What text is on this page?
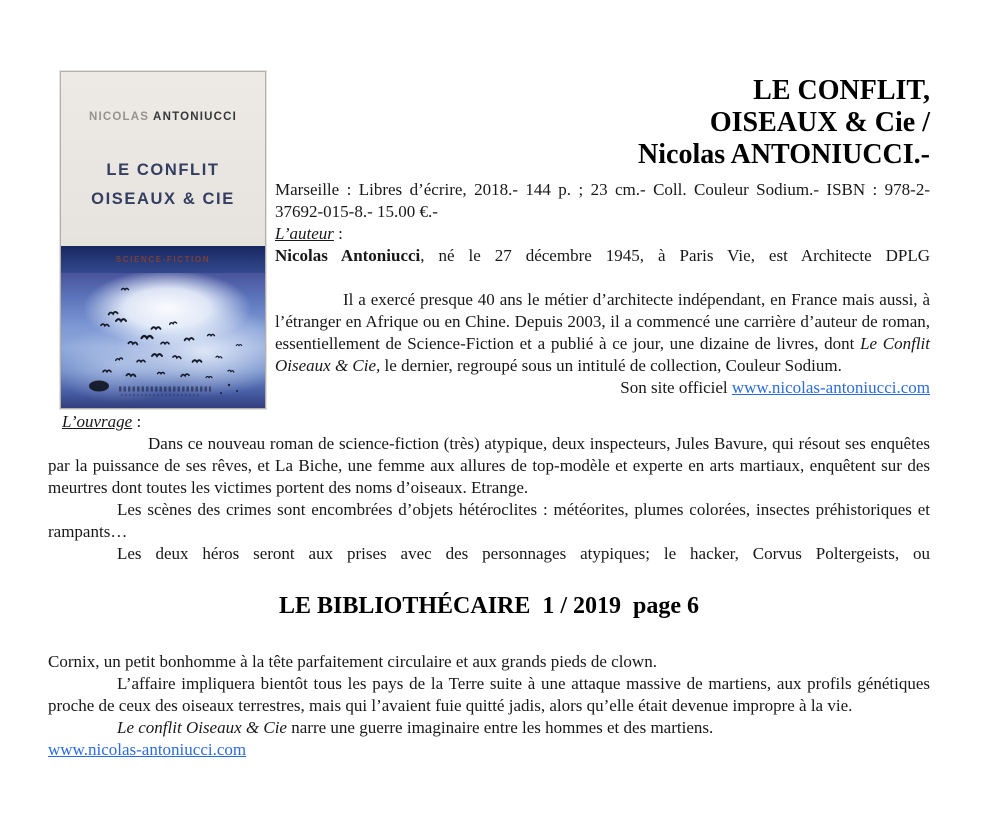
NICOLAS ANTONIUCCI
LE CONFLIT
OISEAUX & CIE
SCIENCE-FICTION
LE CONFLIT,
OISEAUX & Cie /
Nicolas ANTONIUCCI.-

Marseille : Libres d’écrire, 2018.- 144 p. ; 23 cm.- Coll. Couleur Sodium.- ISBN : 978-2-37692-015-8.- 15.00 €.-

L’auteur :

Nicolas Antoniucci, né le 27 décembre 1945, à Paris Vie, est Architecte DPLG

Il a exercé presque 40 ans le métier d’architecte indépendant, en France mais aussi, à l’étranger en Afrique ou en Chine. Depuis 2003, il a commencé une carrière d’auteur de roman, essentiellement de Science-Fiction et a publié à ce jour, une dizaine de livres, dont Le Conflit Oiseaux & Cie, le dernier, regroupé sous un intitulé de collection, Couleur Sodium.

Son site officiel www.nicolas-antoniucci.com

L’ouvrage :

Dans ce nouveau roman de science-fiction (très) atypique, deux inspecteurs, Jules Bavure, qui résout ses enquêtes par la puissance de ses rêves, et La Biche, une femme aux allures de top-modèle et experte en arts martiaux, enquêtent sur des meurtres dont toutes les victimes portent des noms d’oiseaux. Etrange.

Les scènes des crimes sont encombrées d’objets hétéroclites : météorites, plumes colorées, insectes préhistoriques et rampants…

Les deux héros seront aux prises avec des personnages atypiques; le hacker, Corvus Poltergeists, ou

LE BIBLIOTHÉCAIRE  1 / 2019  page 6

Cornix, un petit bonhomme à la tête parfaitement circulaire et aux grands pieds de clown.

L’affaire impliquera bientôt tous les pays de la Terre suite à une attaque massive de martiens, aux profils génétiques proche de ceux des oiseaux terrestres, mais qui l’avaient fuie quitté jadis, alors qu’elle était devenue impropre à la vie.

Le conflit Oiseaux & Cie narre une guerre imaginaire entre les hommes et des martiens.

www.nicolas-antoniucci.com
